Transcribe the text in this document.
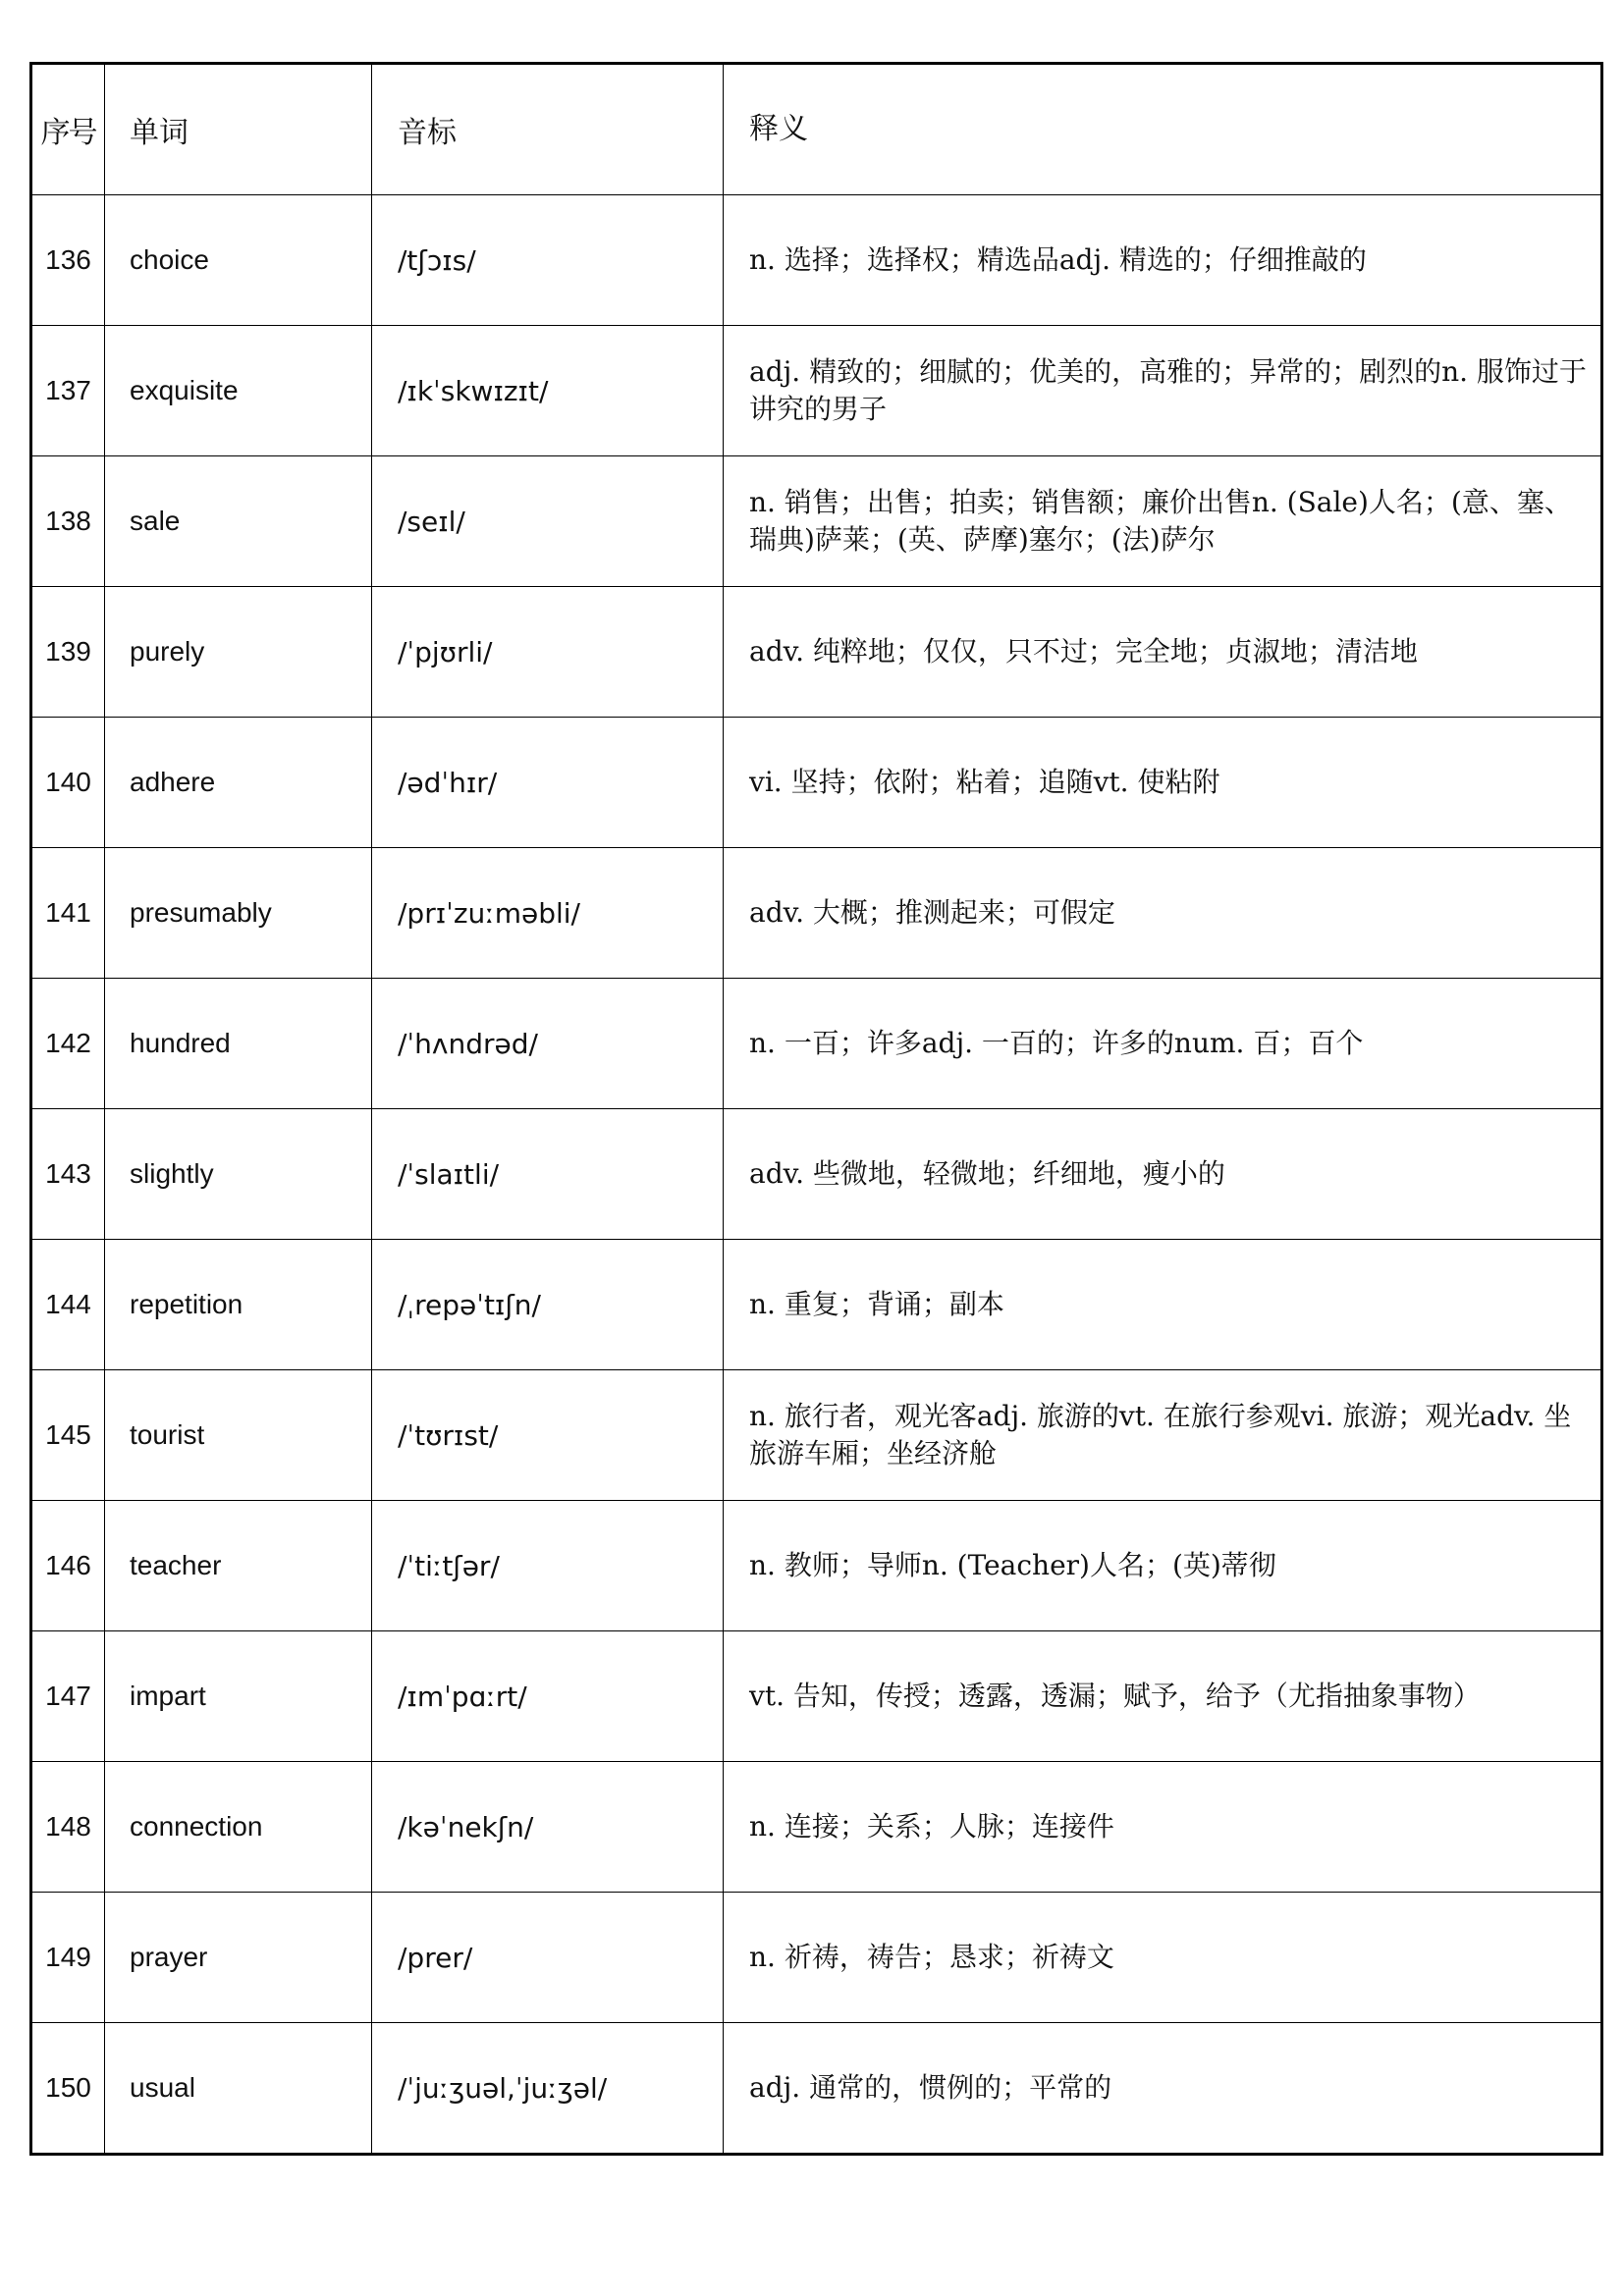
序号	单词	音标	释义
136	choice	/tʃɔɪs/	n. 选择；选择权；精选品adj. 精选的；仔细推敲的
137	exquisite	/ɪkˈskwɪzɪt/	adj. 精致的；细腻的；优美的，高雅的；异常的；剧烈的n. 服饰过于讲究的男子
138	sale	/seɪl/	n. 销售；出售；拍卖；销售额；廉价出售n. (Sale)人名；(意、塞、瑞典)萨莱；(英、萨摩)塞尔；(法)萨尔
139	purely	/ˈpjʊrli/	adv. 纯粹地；仅仅，只不过；完全地；贞淑地；清洁地
140	adhere	/ədˈhɪr/	vi. 坚持；依附；粘着；追随vt. 使粘附
141	presumably	/prɪˈzuːməbli/	adv. 大概；推测起来；可假定
142	hundred	/ˈhʌndrəd/	n. 一百；许多adj. 一百的；许多的num. 百；百个
143	slightly	/ˈslaɪtli/	adv. 些微地，轻微地；纤细地，瘦小的
144	repetition	/ˌrepəˈtɪʃn/	n. 重复；背诵；副本
145	tourist	/ˈtʊrɪst/	n. 旅行者，观光客adj. 旅游的vt. 在旅行参观vi. 旅游；观光adv. 坐旅游车厢；坐经济舱
146	teacher	/ˈtiːtʃər/	n. 教师；导师n. (Teacher)人名；(英)蒂彻
147	impart	/ɪmˈpɑːrt/	vt. 告知，传授；透露，透漏；赋予，给予（尤指抽象事物）
148	connection	/kəˈnekʃn/	n. 连接；关系；人脉；连接件
149	prayer	/prer/	n. 祈祷，祷告；恳求；祈祷文
150	usual	/ˈjuːʒuəl,ˈjuːʒəl/	adj. 通常的，惯例的；平常的
